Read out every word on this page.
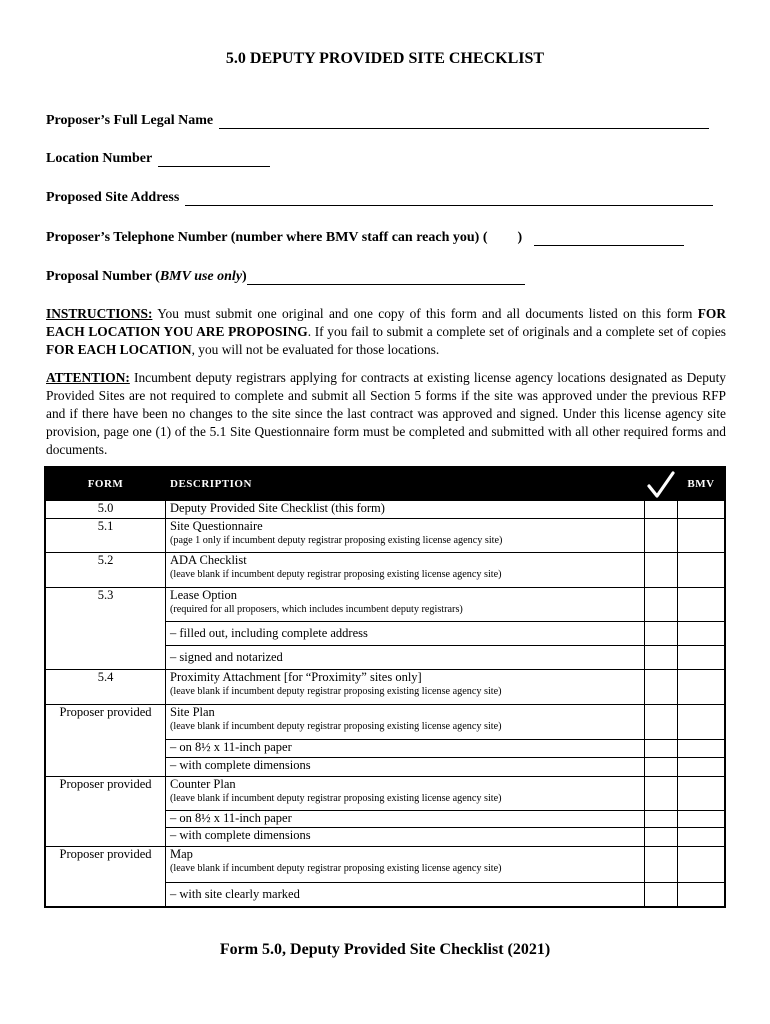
5.0 DEPUTY PROVIDED SITE CHECKLIST
Proposer’s Full Legal Name
Location Number
Proposed Site Address
Proposer’s Telephone Number (number where BMV staff can reach you) ( )
Proposal Number ( BMV use only )
INSTRUCTIONS: You must submit one original and one copy of this form and all documents listed on this form FOR EACH LOCATION YOU ARE PROPOSING. If you fail to submit a complete set of originals and a complete set of copies FOR EACH LOCATION, you will not be evaluated for those locations.
ATTENTION: Incumbent deputy registrars applying for contracts at existing license agency locations designated as Deputy Provided Sites are not required to complete and submit all Section 5 forms if the site was approved under the previous RFP and if there have been no changes to the site since the last contract was approved and signed. Under this license agency site provision, page one (1) of the 5.1 Site Questionnaire form must be completed and submitted with all other required forms and documents.
FORM	DESCRIPTION		BMV
5.0	Deputy Provided Site Checklist (this form)		
5.1	Site Questionnaire
(page 1 only if incumbent deputy registrar proposing existing license agency site)		

5.2	ADA Checklist
(leave blank if incumbent deputy registrar proposing existing license agency site)		

5.3	Lease Option
(required for all proposers, which includes incumbent deputy registrars)		

	– filled out, including complete address		
	– signed and notarized		
5.4	Proximity Attachment [for “Proximity” sites only]
(leave blank if incumbent deputy registrar proposing existing license agency site)		

Proposer provided	Site Plan
(leave blank if incumbent deputy registrar proposing existing license agency site)		

	– on 8½ x 11-inch paper		
	– with complete dimensions		
Proposer provided	Counter Plan
(leave blank if incumbent deputy registrar proposing existing license agency site)		

	– on 8½ x 11-inch paper		
	– with complete dimensions		
Proposer provided	Map
(leave blank if incumbent deputy registrar proposing existing license agency site)		

	– with site clearly marked		
Form 5.0, Deputy Provided Site Checklist (2021)
